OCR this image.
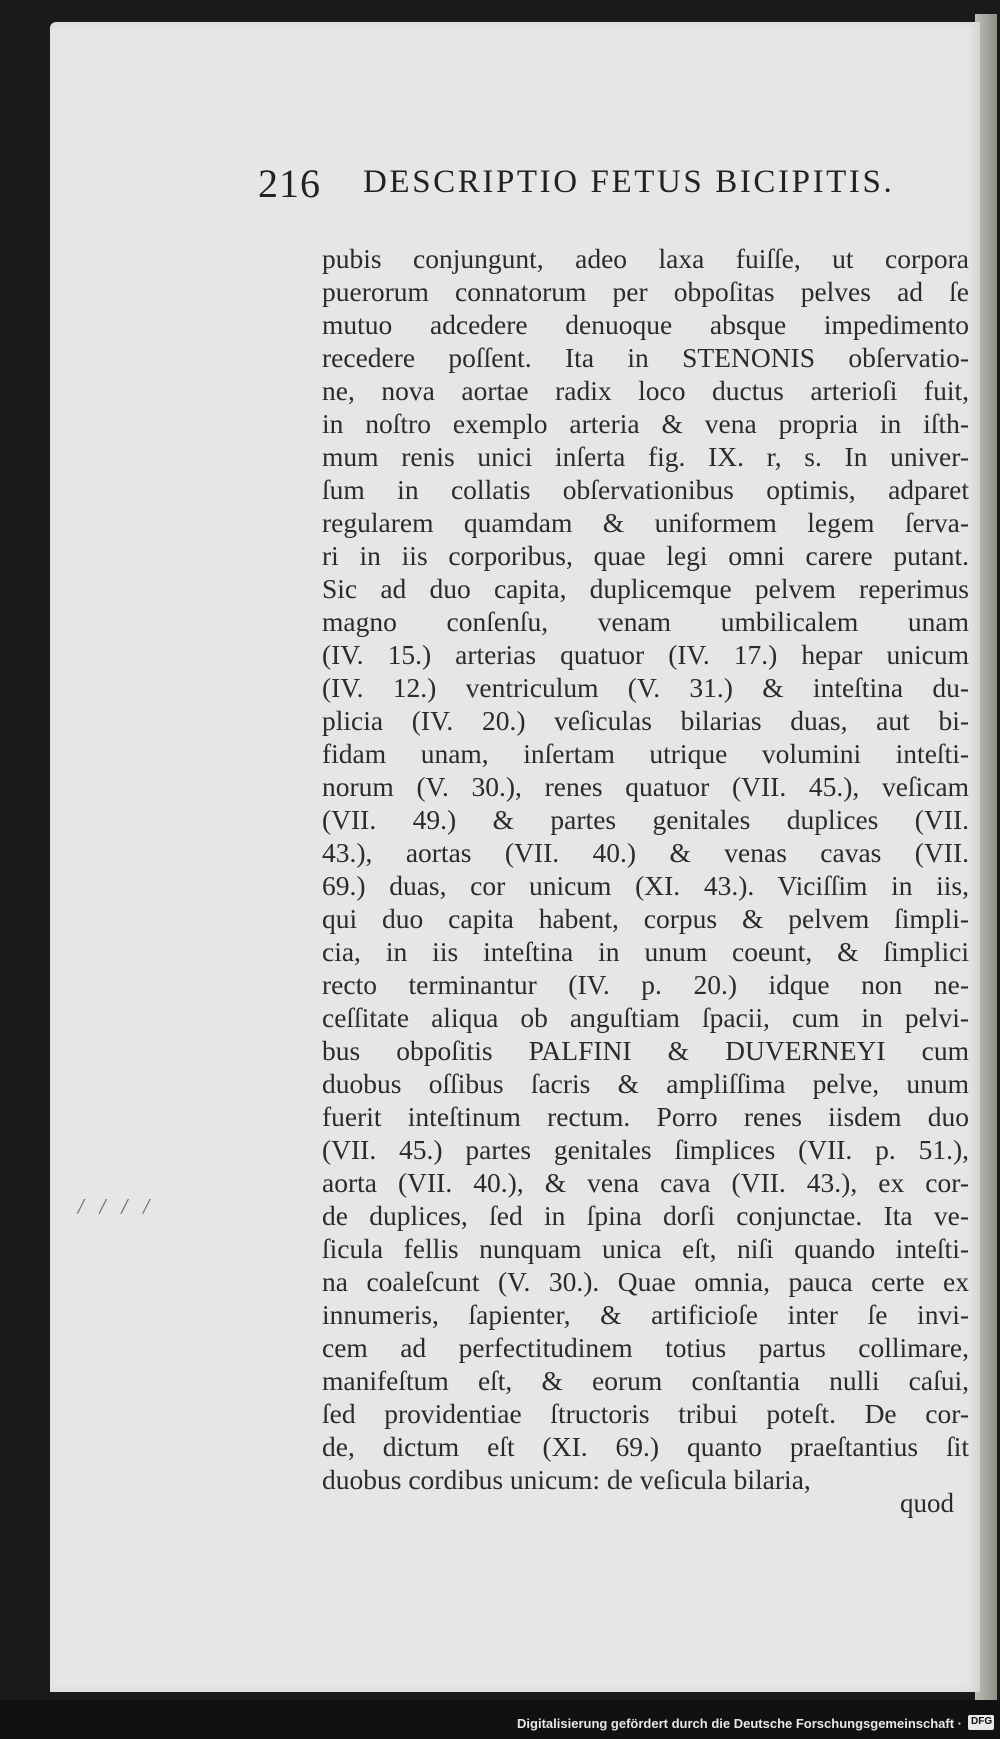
216 DESCRIPTIO FETUS BICIPITIS.
/ / / /
pubis conjungunt, adeo laxa fuiſſe, ut corpora
puerorum connatorum per obpoſitas pelves ad ſe
mutuo adcedere denuoque absque impedimento
recedere poſſent. Ita in STENONIS obſervatio-
ne, nova aortae radix loco ductus arterioſi fuit,
in noſtro exemplo arteria & vena propria in iſth-
mum renis unici inſerta fig. IX. r, s. In univer-
ſum in collatis obſervationibus optimis, adparet
regularem quamdam & uniformem legem ſerva-
ri in iis corporibus, quae legi omni carere putant.
Sic ad duo capita, duplicemque pelvem reperimus
magno conſenſu, venam umbilicalem unam
(IV. 15.) arterias quatuor (IV. 17.) hepar unicum
(IV. 12.) ventriculum (V. 31.) & inteſtina du-
plicia (IV. 20.) veſiculas bilarias duas, aut bi-
fidam unam, inſertam utrique volumini inteſti-
norum (V. 30.), renes quatuor (VII. 45.), veſicam
(VII. 49.) & partes genitales duplices (VII.
43.), aortas (VII. 40.) & venas cavas (VII.
69.) duas, cor unicum (XI. 43.). Viciſſim in iis,
qui duo capita habent, corpus & pelvem ſimpli-
cia, in iis inteſtina in unum coeunt, & ſimplici
recto terminantur (IV. p. 20.) idque non ne-
ceſſitate aliqua ob anguſtiam ſpacii, cum in pelvi-
bus obpoſitis PALFINI & DUVERNEYI cum
duobus oſſibus ſacris & ampliſſima pelve, unum
fuerit inteſtinum rectum. Porro renes iisdem duo
(VII. 45.) partes genitales ſimplices (VII. p. 51.),
aorta (VII. 40.), & vena cava (VII. 43.), ex cor-
de duplices, ſed in ſpina dorſi conjunctae. Ita ve-
ſicula fellis nunquam unica eſt, niſi quando inteſti-
na coaleſcunt (V. 30.). Quae omnia, pauca certe ex
innumeris, ſapienter, & artificioſe inter ſe invi-
cem ad perfectitudinem totius partus collimare,
manifeſtum eſt, & eorum conſtantia nulli caſui,
ſed providentiae ſtructoris tribui poteſt. De cor-
de, dictum eſt (XI. 69.) quanto praeſtantius ſit
duobus cordibus unicum: de veſicula bilaria,
quod
Digitalisierung gefördert durch die Deutsche Forschungsgemeinschaft · DFG
